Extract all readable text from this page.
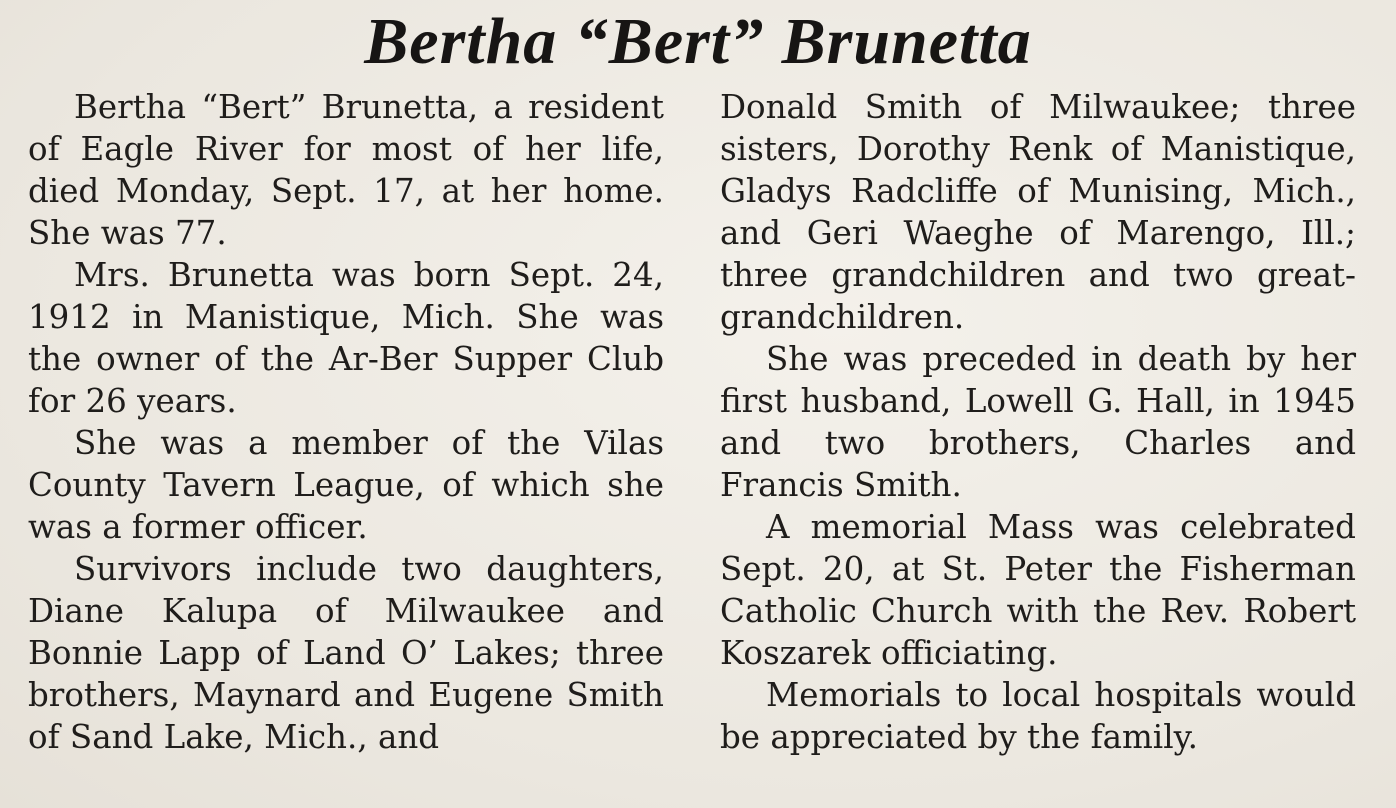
Bertha “Bert” Brunetta

Bertha “Bert” Brunetta, a resident of Eagle River for most of her life, died Monday, Sept. 17, at her home. She was 77.

Mrs. Brunetta was born Sept. 24, 1912 in Manistique, Mich. She was the owner of the Ar-Ber Supper Club for 26 years.

She was a member of the Vilas County Tavern League, of which she was a former officer.

Survivors include two daughters, Diane Kalupa of Milwaukee and Bonnie Lapp of Land O’ Lakes; three brothers, Maynard and Eugene Smith of Sand Lake, Mich., and

Donald Smith of Milwaukee; three sisters, Dorothy Renk of Manistique, Gladys Radcliffe of Munising, Mich., and Geri Waeghe of Marengo, Ill.; three grandchildren and two great-grandchildren.

She was preceded in death by her first husband, Lowell G. Hall, in 1945 and two brothers, Charles and Francis Smith.

A memorial Mass was celebrated Sept. 20, at St. Peter the Fisherman Catholic Church with the Rev. Robert Koszarek officiating.

Memorials to local hospitals would be appreciated by the family.
